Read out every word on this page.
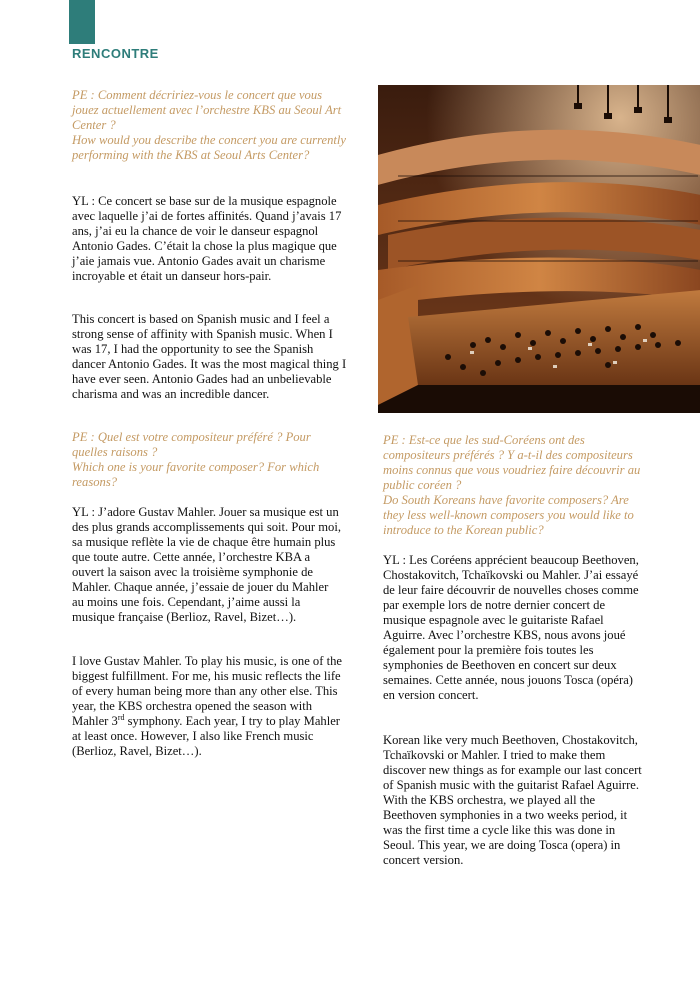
RENCONTRE

PE : Comment décririez-vous le concert que vous jouez actuellement avec l’orchestre KBS au Seoul Art Center ?

How would you describe the concert you are currently performing with the KBS at Seoul Arts Center?

YL : Ce concert se base sur de la musique espagnole avec laquelle j’ai de fortes affinités. Quand j’avais 17 ans, j’ai eu la chance de voir le danseur espagnol Antonio Gades. C’était la chose la plus magique que j’aie jamais vue. Antonio Gades avait un charisme incroyable et était un danseur hors-pair.

This concert is based on Spanish music and I feel a strong sense of affinity with Spanish music. When I was 17, I had the opportunity to see the Spanish dancer Antonio Gades. It was the most magical thing I have ever seen. Antonio Gades had an unbelievable charisma and was an incredible dancer.

PE : Quel est votre compositeur préféré ? Pour quelles raisons ?

Which one is your favorite composer? For which reasons?

YL : J’adore Gustav Mahler. Jouer sa musique est un des plus grands accomplissements qui soit. Pour moi, sa musique reflète la vie de chaque être humain plus que toute autre. Cette année, l’orchestre KBA a ouvert la saison avec la troisième symphonie de Mahler. Chaque année, j’essaie de jouer du Mahler au moins une fois. Cependant, j’aime aussi la musique française (Berlioz, Ravel, Bizet…).

I love Gustav Mahler. To play his music, is one of the biggest fulfillment. For me, his music reflects the life of every human being more than any other else. This year, the KBS orchestra opened the season with Mahler 3rd symphony. Each year, I try to play Mahler at least once. However, I also like French music (Berlioz, Ravel, Bizet…).

PE : Est-ce que les sud-Coréens ont des compositeurs préférés ? Y a-t-il des compositeurs moins connus que vous voudriez faire découvrir au public coréen ?

Do South Koreans have favorite composers? Are they less well-known composers you would like to introduce to the Korean public?

YL : Les Coréens apprécient beaucoup Beethoven, Chostakovitch, Tchaïkovski ou Mahler. J’ai essayé de leur faire découvrir de nouvelles choses comme par exemple lors de notre dernier concert de musique espagnole avec le guitariste Rafael Aguirre. Avec l’orchestre KBS, nous avons joué également pour la première fois toutes les symphonies de Beethoven en concert sur deux semaines. Cette année, nous jouons Tosca (opéra) en version concert.

Korean like very much Beethoven, Chostakovitch, Tchaïkovski or Mahler. I tried to make them discover new things as for example our last concert of Spanish music with the guitarist Rafael Aguirre. With the KBS orchestra, we played all the Beethoven symphonies in a two weeks period, it was the first time a cycle like this was done in Seoul. This year, we are doing Tosca (opera) in concert version.
